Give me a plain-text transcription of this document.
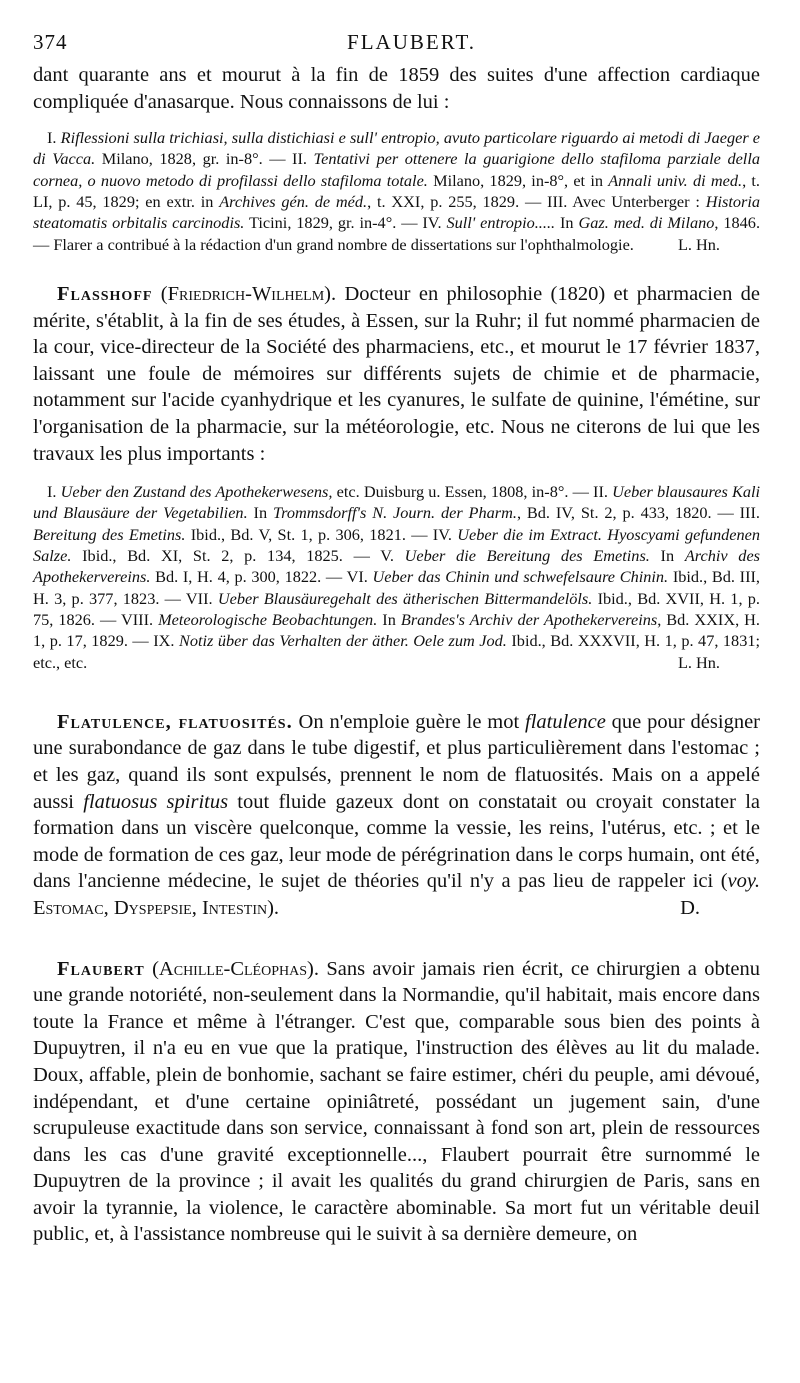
374	FLAUBERT.

dant quarante ans et mourut à la fin de 1859 des suites d'une affection cardiaque compliquée d'anasarque. Nous connaissons de lui :

I. Riflessioni sulla trichiasi, sulla distichiasi e sull' entropio, avuto particolare riguardo ai metodi di Jaeger e di Vacca. Milano, 1828, gr. in-8°. — II. Tentativi per ottenere la guarigione dello stafiloma parziale della cornea, o nuovo metodo di profilassi dello stafiloma totale. Milano, 1829, in-8°, et in Annali univ. di med., t. LI, p. 45, 1829; en extr. in Archives gén. de méd., t. XXI, p. 255, 1829. — III. Avec Unterberger : Historia steatomatis orbitalis carcinodis. Ticini, 1829, gr. in-4°. — IV. Sull' entropio..... In Gaz. med. di Milano, 1846. — Flarer a contribué à la rédaction d'un grand nombre de dissertations sur l'ophthalmologie.	L. Hn.

Flasshoff (Friedrich-Wilhelm). Docteur en philosophie (1820) et pharmacien de mérite, s'établit, à la fin de ses études, à Essen, sur la Ruhr; il fut nommé pharmacien de la cour, vice-directeur de la Société des pharmaciens, etc., et mourut le 17 février 1837, laissant une foule de mémoires sur différents sujets de chimie et de pharmacie, notamment sur l'acide cyanhydrique et les cyanures, le sulfate de quinine, l'émétine, sur l'organisation de la pharmacie, sur la météorologie, etc. Nous ne citerons de lui que les travaux les plus importants :

I. Ueber den Zustand des Apothekerwesens, etc. Duisburg u. Essen, 1808, in-8°. — II. Ueber blausaures Kali und Blausäure der Vegetabilien. In Trommsdorff's N. Journ. der Pharm., Bd. IV, St. 2, p. 433, 1820. — III. Bereitung des Emetins. Ibid., Bd. V, St. 1, p. 306, 1821. — IV. Ueber die im Extract. Hyoscyami gefundenen Salze. Ibid., Bd. XI, St. 2, p. 134, 1825. — V. Ueber die Bereitung des Emetins. In Archiv des Apothekervereins. Bd. I, H. 4, p. 300, 1822. — VI. Ueber das Chinin und schwefelsaure Chinin. Ibid., Bd. III, H. 3, p. 377, 1823. — VII. Ueber Blausäuregehalt des ätherischen Bittermandelöls. Ibid., Bd. XVII, H. 1, p. 75, 1826. — VIII. Meteorologische Beobachtungen. In Brandes's Archiv der Apothekervereins, Bd. XXIX, H. 1, p. 17, 1829. — IX. Notiz über das Verhalten der äther. Oele zum Jod. Ibid., Bd. XXXVII, H. 1, p. 47, 1831; etc., etc.	L. Hn.

Flatulence, flatuosités. On n'emploie guère le mot flatulence que pour désigner une surabondance de gaz dans le tube digestif, et plus particulièrement dans l'estomac ; et les gaz, quand ils sont expulsés, prennent le nom de flatuosités. Mais on a appelé aussi flatuosus spiritus tout fluide gazeux dont on constatait ou croyait constater la formation dans un viscère quelconque, comme la vessie, les reins, l'utérus, etc. ; et le mode de formation de ces gaz, leur mode de pérégrination dans le corps humain, ont été, dans l'ancienne médecine, le sujet de théories qu'il n'y a pas lieu de rappeler ici (voy. Estomac, Dyspepsie, Intestin).	D.

Flaubert (Achille-Cléophas). Sans avoir jamais rien écrit, ce chirurgien a obtenu une grande notoriété, non-seulement dans la Normandie, qu'il habitait, mais encore dans toute la France et même à l'étranger. C'est que, comparable sous bien des points à Dupuytren, il n'a eu en vue que la pratique, l'instruction des élèves au lit du malade. Doux, affable, plein de bonhomie, sachant se faire estimer, chéri du peuple, ami dévoué, indépendant, et d'une certaine opiniâtreté, possédant un jugement sain, d'une scrupuleuse exactitude dans son service, connaissant à fond son art, plein de ressources dans les cas d'une gravité exceptionnelle..., Flaubert pourrait être surnommé le Dupuytren de la province ; il avait les qualités du grand chirurgien de Paris, sans en avoir la tyrannie, la violence, le caractère abominable. Sa mort fut un véritable deuil public, et, à l'assistance nombreuse qui le suivit à sa dernière demeure, on
